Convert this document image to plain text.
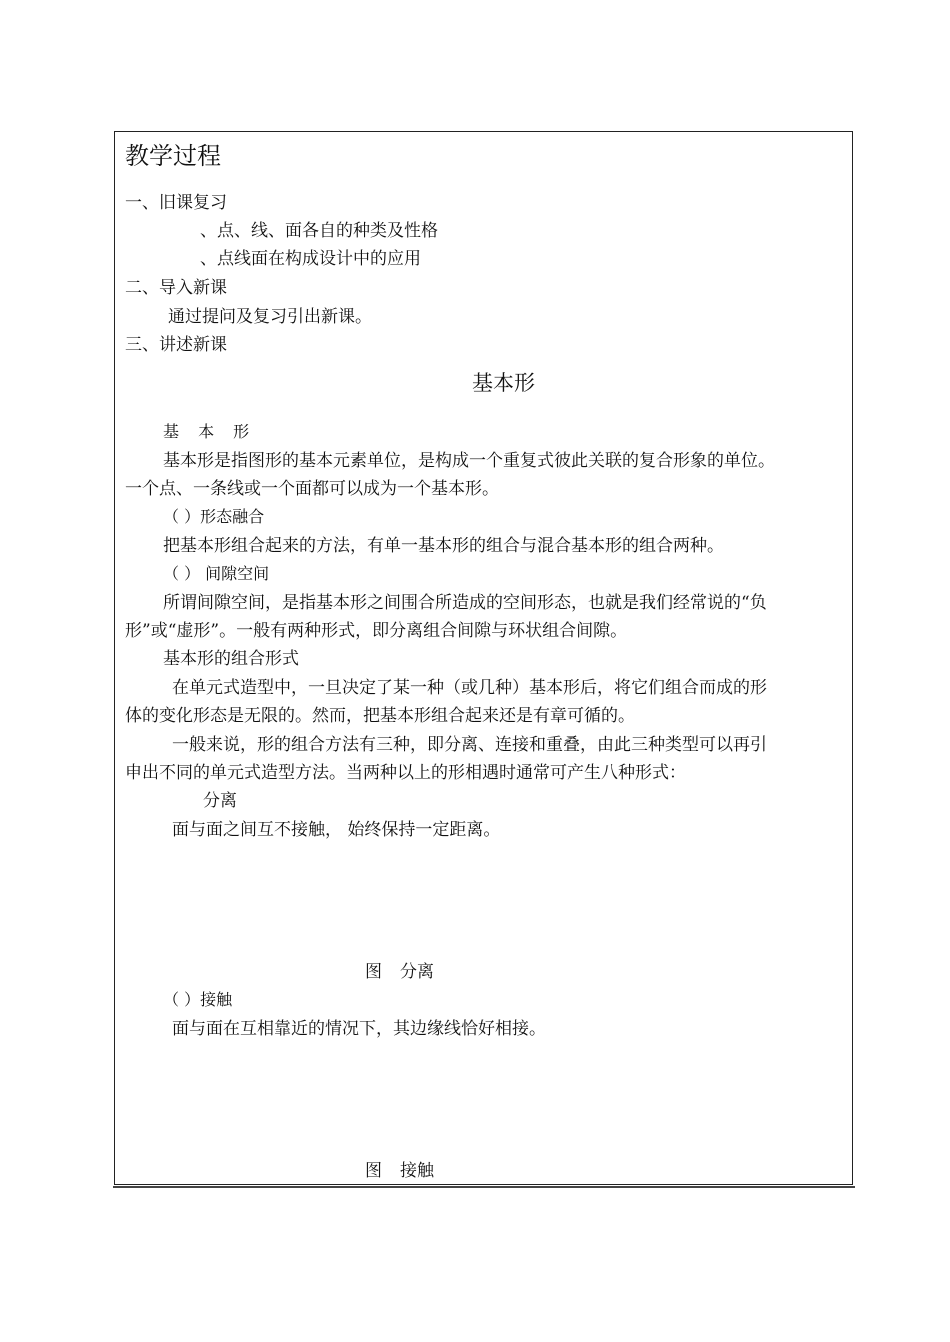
教学过程
一、旧课复习
、点、线、面各自的种类及性格
、点线面在构成设计中的应用
二、导入新课
通过提问及复习引出新课。
三、讲述新课
基本形
基 本 形
基本形是指图形的基本元素单位，是构成一个重复式彼此关联的复合形象的单位。
一个点、一条线或一个面都可以成为一个基本形。
（ ）形态融合
把基本形组合起来的方法，有单一基本形的组合与混合基本形的组合两种。
（ ） 间隙空间
所谓间隙空间，是指基本形之间围合所造成的空间形态，也就是我们经常说的“负
形”或“虚形”。一般有两种形式，即分离组合间隙与环状组合间隙。
基本形的组合形式
在单元式造型中，一旦决定了某一种（或几种）基本形后，将它们组合而成的形
体的变化形态是无限的。然而，把基本形组合起来还是有章可循的。
一般来说，形的组合方法有三种，即分离、连接和重叠，由此三种类型可以再引
申出不同的单元式造型方法。当两种以上的形相遇时通常可产生八种形式：
分离
面与面之间互不接触， 始终保持一定距离。
图 分离
（ ）接触
面与面在互相靠近的情况下，其边缘线恰好相接。
图 接触
